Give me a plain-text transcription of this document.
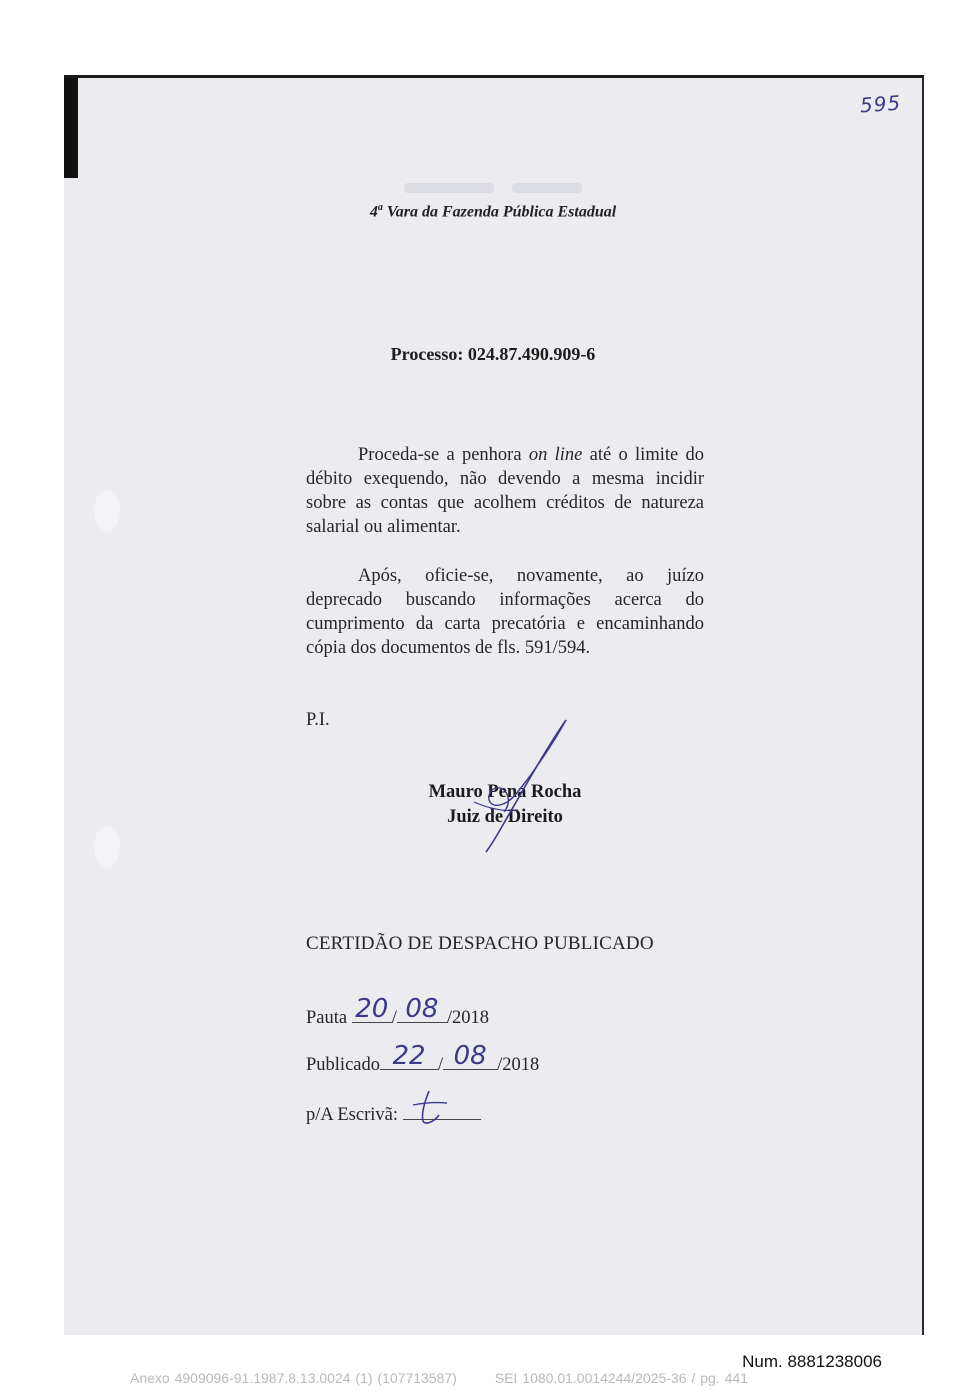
595
4$^a$ Vara da Fazenda Pública Estadual
Processo: 024.87.490.909-6
Proceda-se a penhora on line até o limite do débito exequendo, não devendo a mesma incidir sobre as contas que acolhem créditos de natureza salarial ou alimentar.
Após, oficie-se, novamente, ao juízo deprecado buscando informações acerca do cumprimento da carta precatória e encaminhando cópia dos documentos de fls. 591/594.
P.I.
Mauro Pena Rocha
Juiz de Direito
CERTIDÃO DE DESPACHO PUBLICADO
Pauta 20 / 08 /2018
Publicado 22 / 08 /2018
p/A Escrivã:
Num. 8881238006
Anexo 4909096-91.1987.8.13.0024 (1) (107713587)	SEI 1080.01.0014244/2025-36 / pg. 441
